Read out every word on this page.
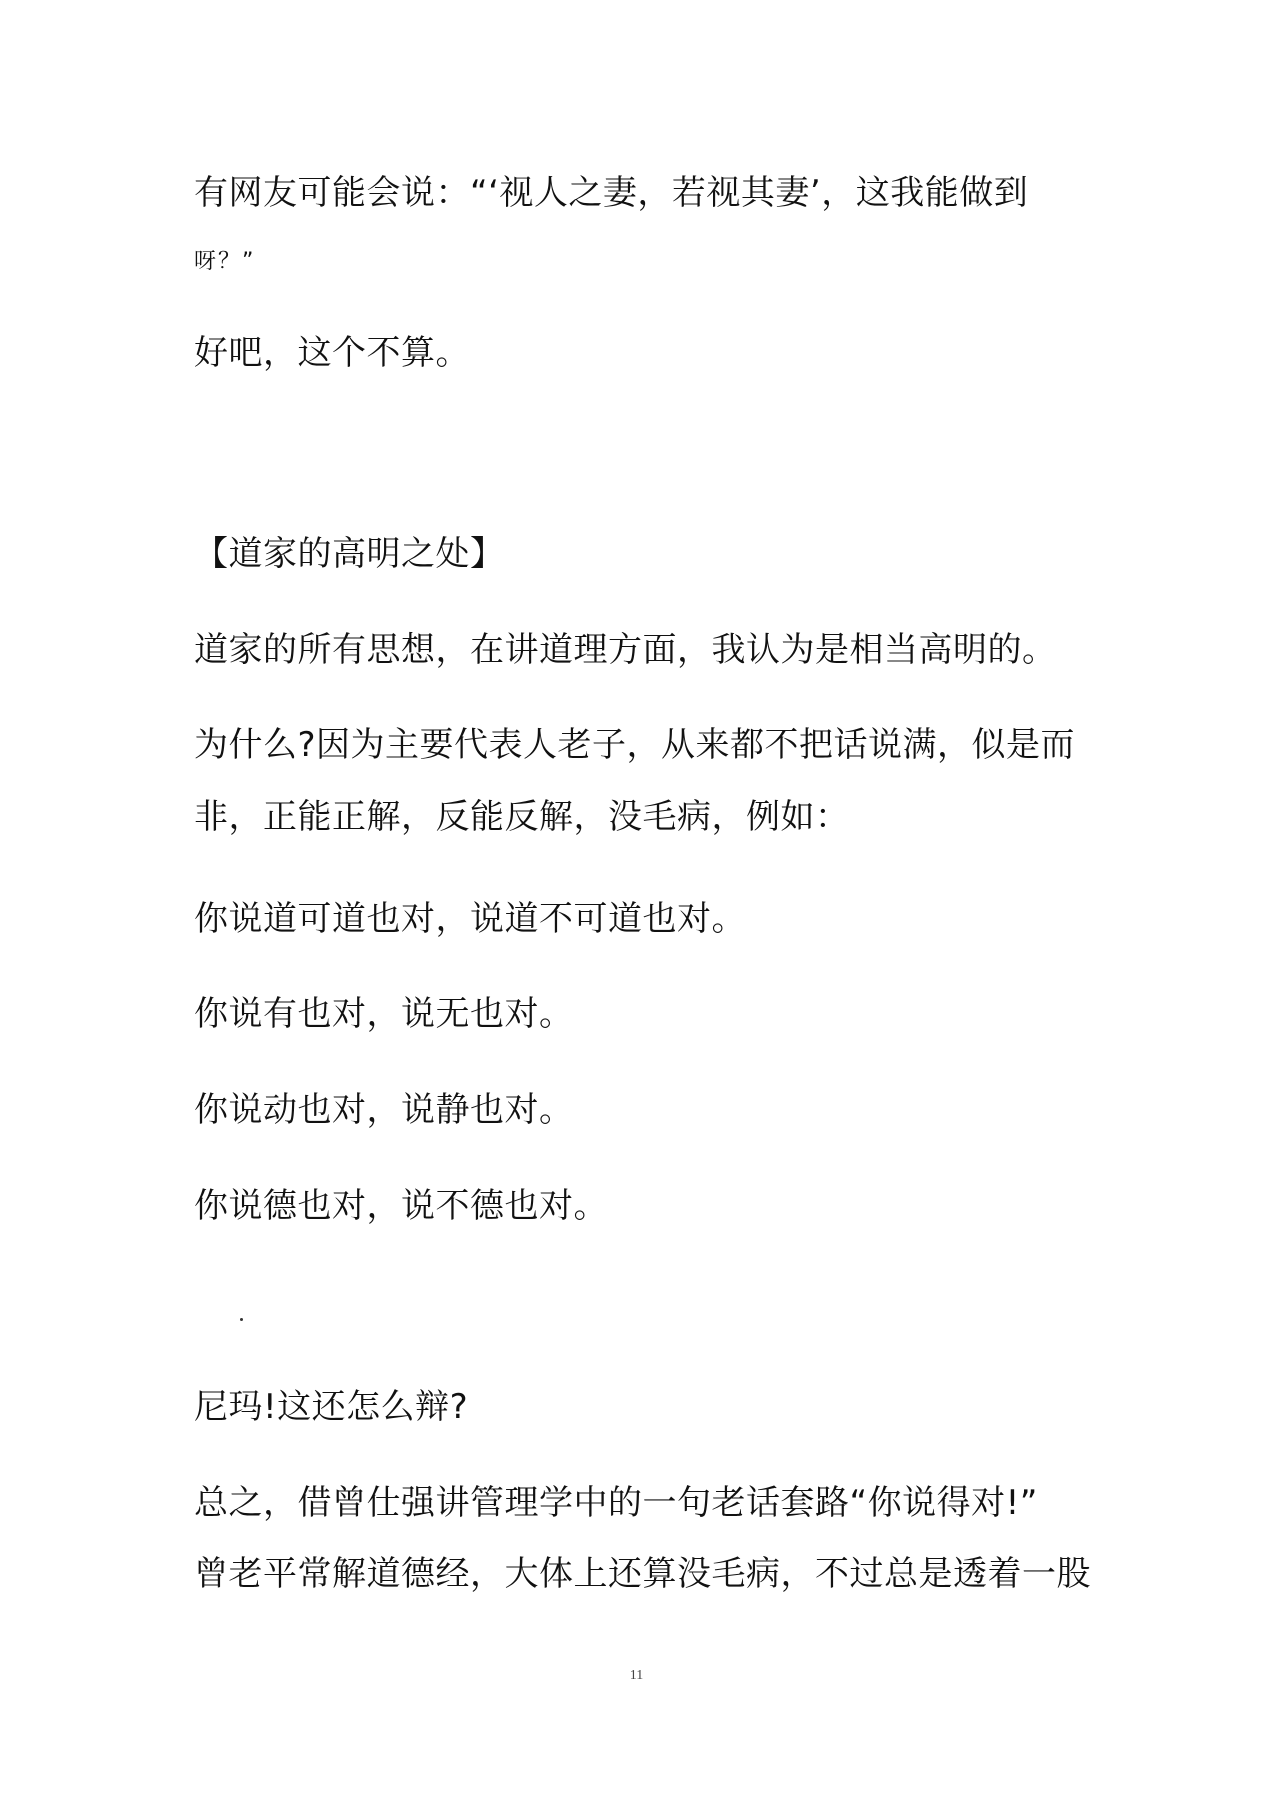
有网友可能会说：“‘视人之妻，若视其妻’，这我能做到
呀？”
好吧，这个不算。
【道家的高明之处】
道家的所有思想，在讲道理方面，我认为是相当高明的。
为什么?因为主要代表人老子，从来都不把话说满，似是而
非，正能正解，反能反解，没毛病，例如：
你说道可道也对，说道不可道也对。
你说有也对，说无也对。
你说动也对，说静也对。
你说德也对，说不德也对。
尼玛!这还怎么辩?
总之，借曾仕强讲管理学中的一句老话套路“你说得对!”
曾老平常解道德经，大体上还算没毛病，不过总是透着一股
11
